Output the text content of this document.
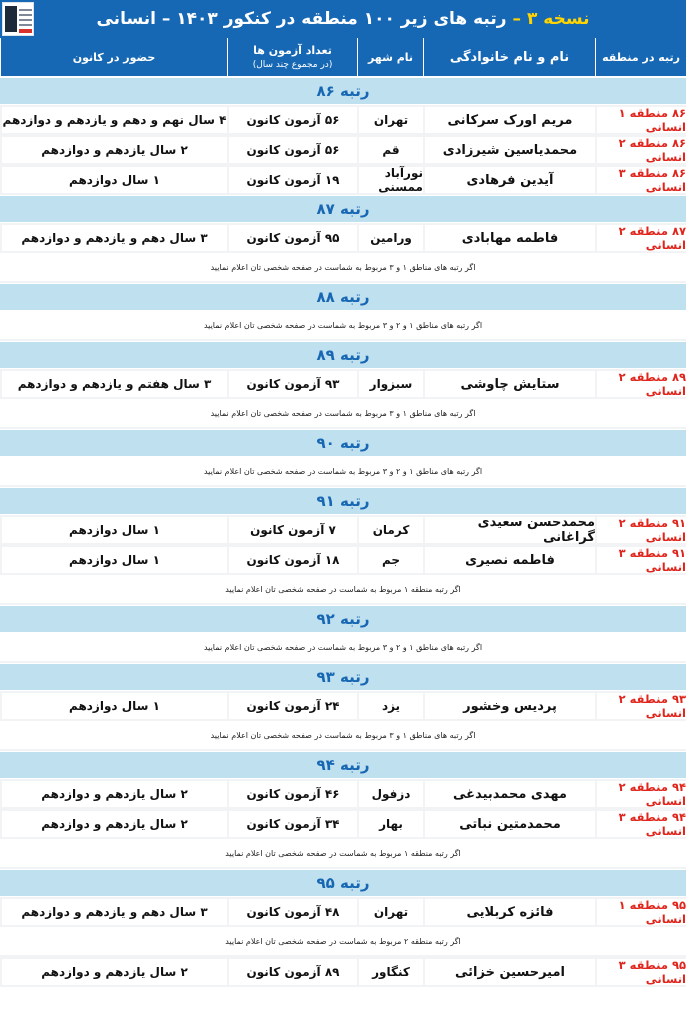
نسخه ۳ –
رتبه های زیر ۱۰۰ منطقه در کنکور ۱۴۰۳ – انسانی
رتبه در منطقه
نام و نام خانوادگی
نام شهر
تعداد آزمون ها
(در مجموع چند سال)
حضور در کانون
رتبه ۸۶
۸۶ منطقه ۱ انسانی
مریم اورک سرکانی
تهران
۵۶ آزمون کانون
۴ سال نهم و دهم و یازدهم و دوازدهم
۸۶ منطقه ۲ انسانی
محمدیاسین شیرزادی
قم
۵۶ آزمون کانون
۲ سال یازدهم و دوازدهم
۸۶ منطقه ۳ انسانی
آیدین فرهادی
نورآباد ممسنی
۱۹ آزمون کانون
۱ سال دوازدهم
رتبه ۸۷
۸۷ منطقه ۲ انسانی
فاطمه مهابادی
ورامین
۹۵ آزمون کانون
۳ سال دهم و یازدهم و دوازدهم
اگر رتبه های مناطق ۱ و ۳ مربوط به شماست در صفحه شخصی تان اعلام نمایید
رتبه ۸۸
اگر رتبه های مناطق ۱ و ۲ و ۳ مربوط به شماست در صفحه شخصی تان اعلام نمایید
رتبه ۸۹
۸۹ منطقه ۲ انسانی
ستایش چاوشی
سبزوار
۹۳ آزمون کانون
۳ سال هفتم و یازدهم و دوازدهم
اگر رتبه های مناطق ۱ و ۳ مربوط به شماست در صفحه شخصی تان اعلام نمایید
رتبه ۹۰
اگر رتبه های مناطق ۱ و ۲ و ۳ مربوط به شماست در صفحه شخصی تان اعلام نمایید
رتبه ۹۱
۹۱ منطقه ۲ انسانی
محمدحسن سعیدی گراغانی
کرمان
۷ آزمون کانون
۱ سال دوازدهم
۹۱ منطقه ۳ انسانی
فاطمه نصیری
جم
۱۸ آزمون کانون
۱ سال دوازدهم
اگر رتبه منطقه ۱ مربوط به شماست در صفحه شخصی تان اعلام نمایید
رتبه ۹۲
اگر رتبه های مناطق ۱ و ۲ و ۳ مربوط به شماست در صفحه شخصی تان اعلام نمایید
رتبه ۹۳
۹۳ منطقه ۲ انسانی
پردیس وخشور
یزد
۲۴ آزمون کانون
۱ سال دوازدهم
اگر رتبه های مناطق ۱ و ۳ مربوط به شماست در صفحه شخصی تان اعلام نمایید
رتبه ۹۴
۹۴ منطقه ۲ انسانی
مهدی محمدبیدغی
دزفول
۴۶ آزمون کانون
۲ سال یازدهم و دوازدهم
۹۴ منطقه ۳ انسانی
محمدمتین نباتی
بهار
۳۴ آزمون کانون
۲ سال یازدهم و دوازدهم
اگر رتبه منطقه ۱ مربوط به شماست در صفحه شخصی تان اعلام نمایید
رتبه ۹۵
۹۵ منطقه ۱ انسانی
فائزه کربلایی
تهران
۴۸ آزمون کانون
۳ سال دهم و یازدهم و دوازدهم
اگر رتبه منطقه ۲ مربوط به شماست در صفحه شخصی تان اعلام نمایید
۹۵ منطقه ۳ انسانی
امیرحسین خزائی
کنگاور
۸۹ آزمون کانون
۲ سال یازدهم و دوازدهم
